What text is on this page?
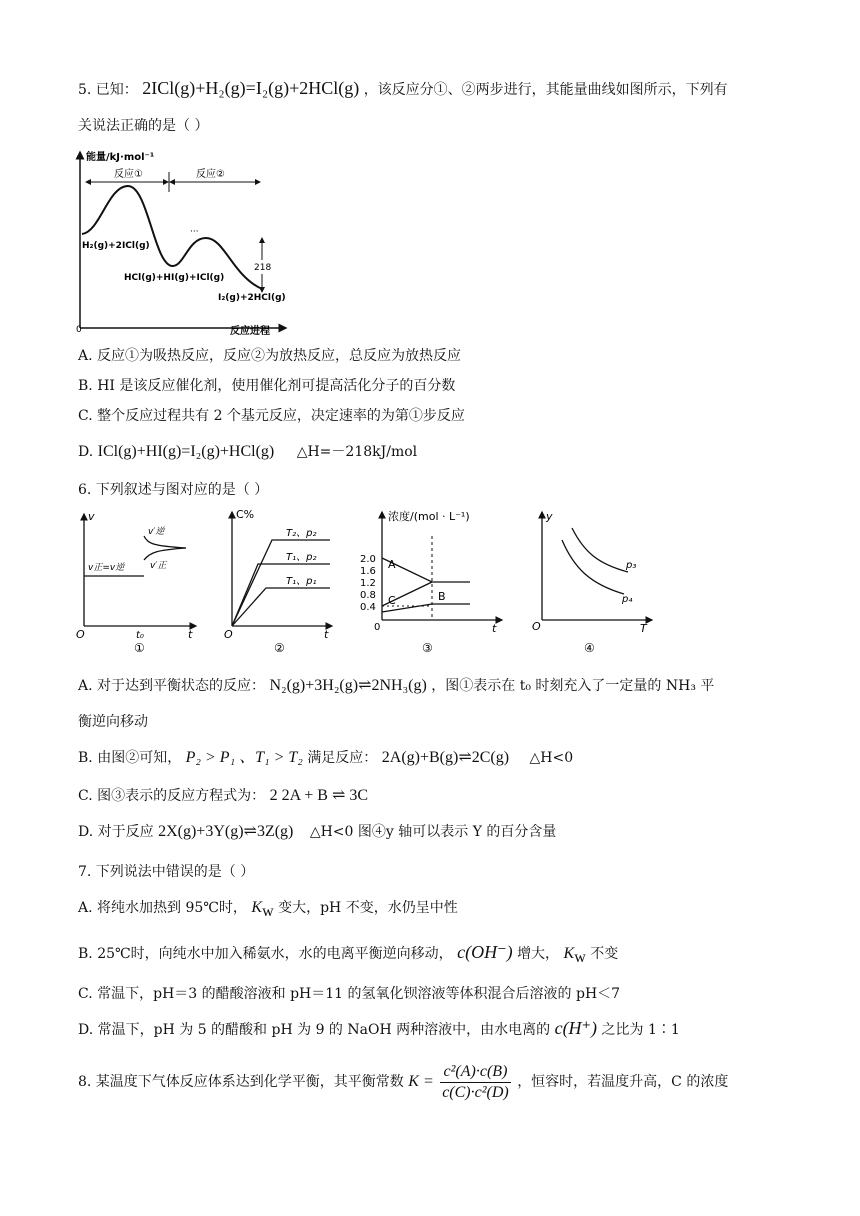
5. 已知： 2ICl(g)+H₂(g)=I₂(g)+2HCl(g) ，该反应分①、②两步进行，其能量曲线如图所示，下列有
关说法正确的是（ ）
能量/kJ·mol⁻¹
0	反应进程
反应①	反应②
···
H₂(g)+2ICl(g)
HCl(g)+HI(g)+ICl(g)
I₂(g)+2HCl(g)
218
A. 反应①为吸热反应，反应②为放热反应，总反应为放热反应
B. HI 是该反应催化剂，使用催化剂可提高活化分子的百分数
C. 整个反应过程共有 2 个基元反应，决定速率的为第①步反应
D. ICl(g)+HI(g)=I₂(g)+HCl(g) △H=－218kJ/mol
6. 下列叙述与图对应的是（ ）
v
O	t
t₀
v正=v逆
v′逆
v′正
①
C%
O	t
T₂、p₂
T₁、p₂
T₁、p₁
②
浓度/(mol · L⁻¹)
0	t
2.0
1.6
1.2
0.8
0.4
A
B
C
③
y
O	T
p₃
p₄
④
A. 对于达到平衡状态的反应： N₂(g)+3H₂(g)⇌2NH₃(g) ，图①表示在 t₀ 时刻充入了一定量的 NH₃ 平
衡逆向移动
B. 由图②可知， P₂ > P₁ 、T₁ > T₂ 满足反应： 2A(g)+B(g)⇌2C(g) △H<0
C. 图③表示的反应方程式为： 2 2A + B ⇌ 3C
D. 对于反应 2X(g)+3Y(g)⇌3Z(g) △H<0 图④y 轴可以表示 Y 的百分含量
7. 下列说法中错误的是（ ）
A. 将纯水加热到 95℃时， $K_w$ 变大，pH 不变，水仍呈中性
B. 25℃时，向纯水中加入稀氨水，水的电离平衡逆向移动， c(OH⁻) 增大， $K_w$ 不变
C. 常温下，pH＝3 的醋酸溶液和 pH＝11 的氢氧化钡溶液等体积混合后溶液的 pH＜7
D. 常温下，pH 为 5 的醋酸和 pH 为 9 的 NaOH 两种溶液中，由水电离的 c(H⁺) 之比为 1∶1
8. 某温度下气体反应体系达到化学平衡，其平衡常数 $K = \frac{\text{c²(A)·c(B)}}{\text{c(C)·c²(D)}}$ ，恒容时，若温度升高，C 的浓度
